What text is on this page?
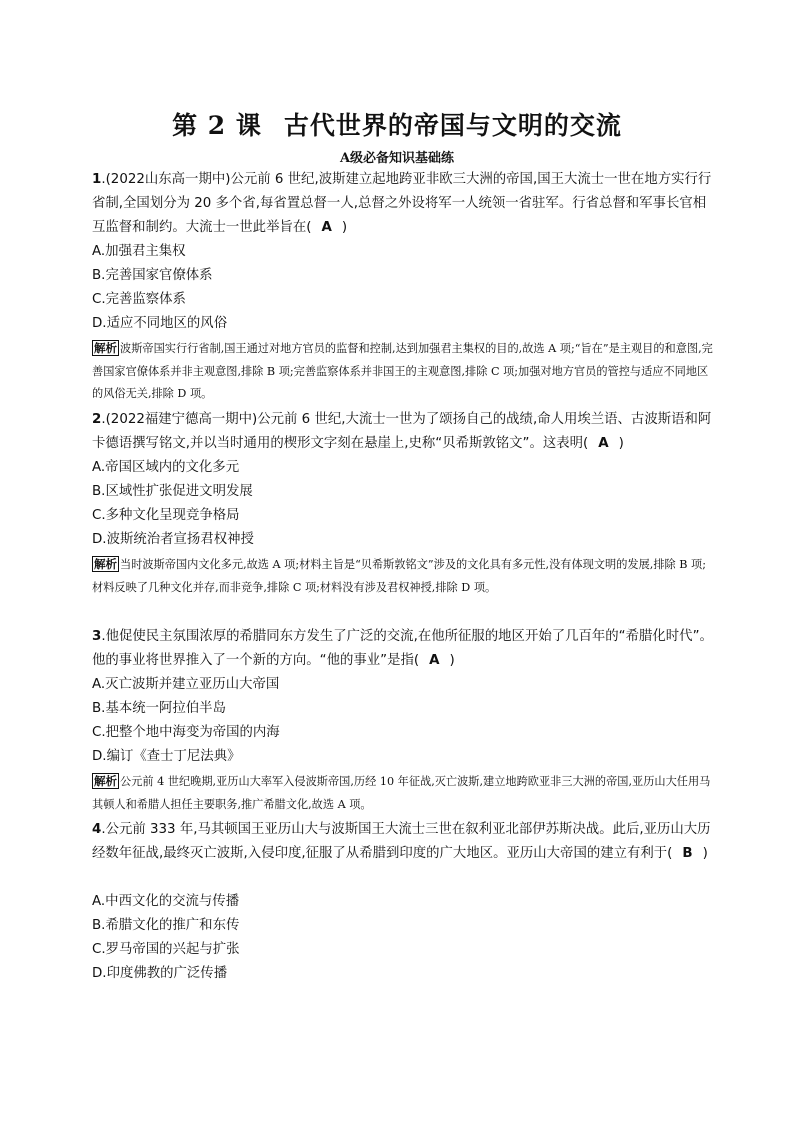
第 2 课 古代世界的帝国与文明的交流
A级必备知识基础练
1.(2022山东高一期中)公元前 6 世纪,波斯建立起地跨亚非欧三大洲的帝国,国王大流士一世在地方实行行省制,全国划分为 20 多个省,每省置总督一人,总督之外设将军一人统领一省驻军。行省总督和军事长官相互监督和制约。大流士一世此举旨在( A )
A.加强君主集权
B.完善国家官僚体系
C.完善监察体系
D.适应不同地区的风俗
解析 波斯帝国实行行省制,国王通过对地方官员的监督和控制,达到加强君主集权的目的,故选 A 项;“旨在”是主观目的和意图,完善国家官僚体系并非主观意图,排除 B 项;完善监察体系并非国王的主观意图,排除 C 项;加强对地方官员的管控与适应不同地区的风俗无关,排除 D 项。
2.(2022福建宁德高一期中)公元前 6 世纪,大流士一世为了颂扬自己的战绩,命人用埃兰语、古波斯语和阿卡德语撰写铭文,并以当时通用的楔形文字刻在悬崖上,史称“贝希斯敦铭文”。这表明( A )
A.帝国区域内的文化多元
B.区域性扩张促进文明发展
C.多种文化呈现竞争格局
D.波斯统治者宣扬君权神授
解析 当时波斯帝国内文化多元,故选 A 项;材料主旨是“贝希斯敦铭文”涉及的文化具有多元性,没有体现文明的发展,排除 B 项;材料反映了几种文化并存,而非竞争,排除 C 项;材料没有涉及君权神授,排除 D 项。
3.他促使民主氛围浓厚的希腊同东方发生了广泛的交流,在他所征服的地区开始了几百年的“希腊化时代”。他的事业将世界推入了一个新的方向。“他的事业”是指( A )
A.灭亡波斯并建立亚历山大帝国
B.基本统一阿拉伯半岛
C.把整个地中海变为帝国的内海
D.编订《查士丁尼法典》
解析 公元前 4 世纪晚期,亚历山大率军入侵波斯帝国,历经 10 年征战,灭亡波斯,建立地跨欧亚非三大洲的帝国,亚历山大任用马其顿人和希腊人担任主要职务,推广希腊文化,故选 A 项。
4.公元前 333 年,马其顿国王亚历山大与波斯国王大流士三世在叙利亚北部伊苏斯决战。此后,亚历山大历经数年征战,最终灭亡波斯,入侵印度,征服了从希腊到印度的广大地区。亚历山大帝国的建立有利于( B )
A.中西文化的交流与传播
B.希腊文化的推广和东传
C.罗马帝国的兴起与扩张
D.印度佛教的广泛传播
